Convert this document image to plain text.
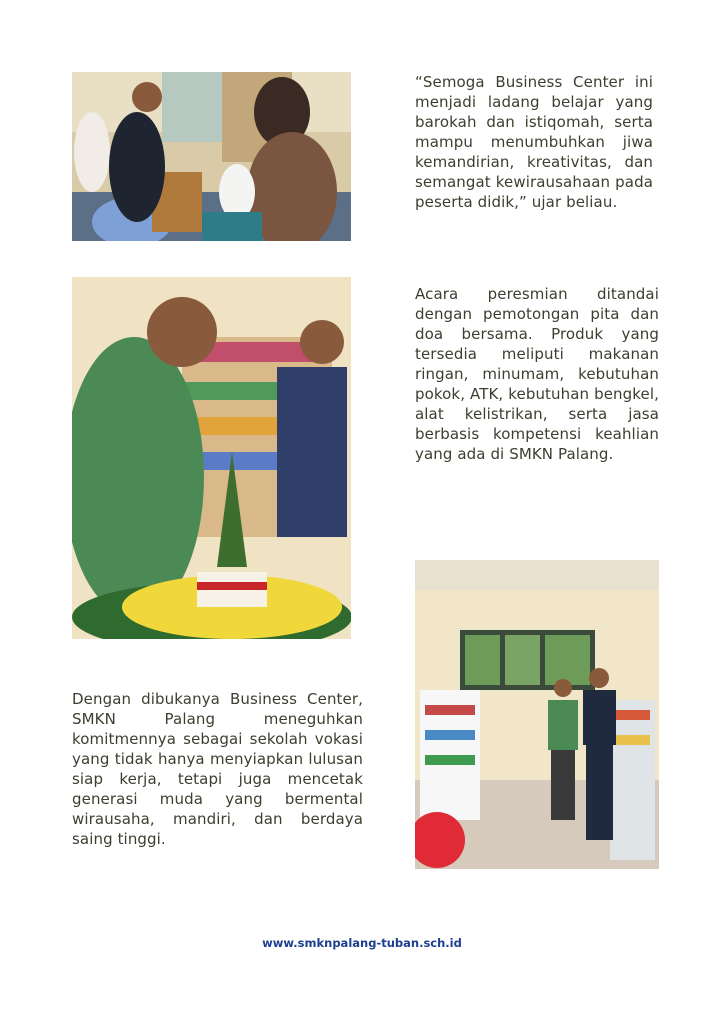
“Semoga Business Center ini menjadi ladang belajar yang barokah dan istiqomah, serta mampu menumbuhkan jiwa kemandirian, kreativitas, dan semangat kewirausahaan pada peserta didik,” ujar beliau.

Acara peresmian ditandai dengan pemotongan pita dan doa bersama. Produk yang tersedia meliputi makanan ringan, minumam, kebutuhan pokok, ATK, kebutuhan bengkel, alat kelistrikan, serta jasa berbasis kompetensi keahlian yang ada di SMKN Palang.

Dengan dibukanya Business Center, SMKN Palang meneguhkan komitmennya sebagai sekolah vokasi yang tidak hanya menyiapkan lulusan siap kerja, tetapi juga mencetak generasi muda yang bermental wirausaha, mandiri, dan berdaya saing tinggi.

www.smknpalang-tuban.sch.id
